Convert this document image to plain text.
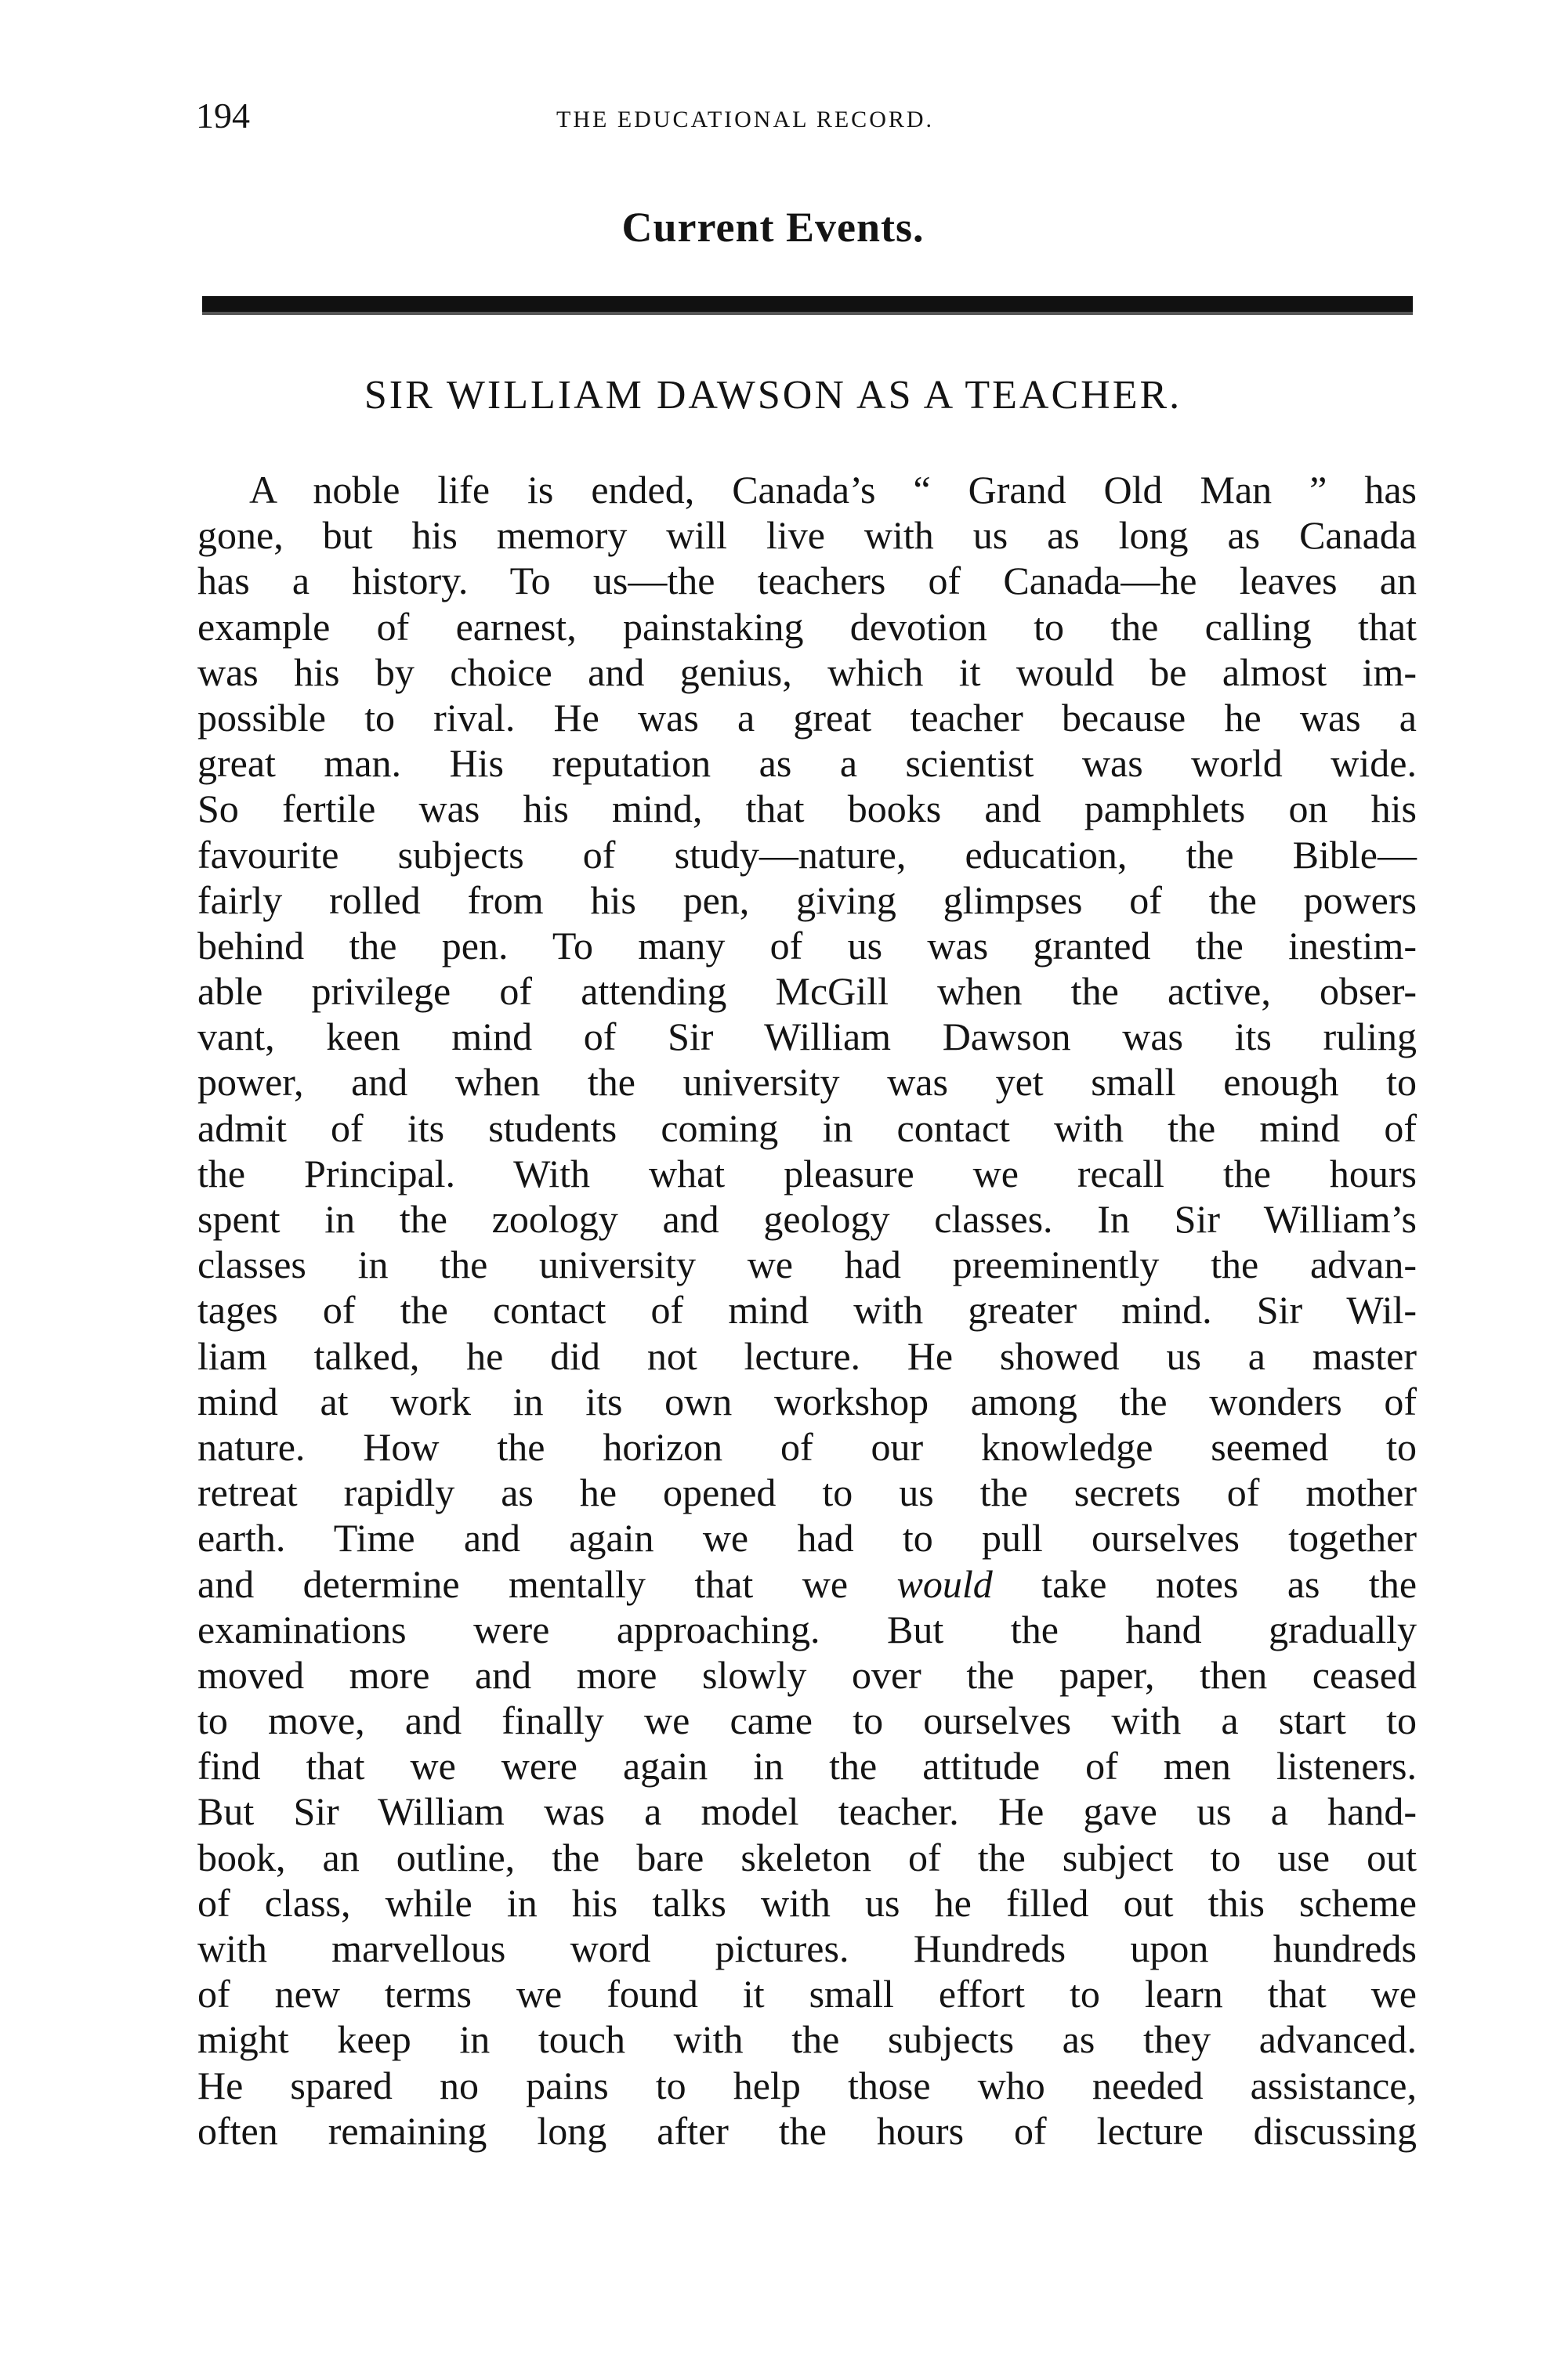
194	THE EDUCATIONAL RECORD.
Current Events.
SIR WILLIAM DAWSON AS A TEACHER.
A noble life is ended, Canada’s “ Grand Old Man ” has
gone, but his memory will live with us as long as Canada
has a history. To us—the teachers of Canada—he leaves an
example of earnest, painstaking devotion to the calling that
was his by choice and genius, which it would be almost im-
possible to rival. He was a great teacher because he was a
great man. His reputation as a scientist was world wide.
So fertile was his mind, that books and pamphlets on his
favourite subjects of study—nature, education, the Bible—
fairly rolled from his pen, giving glimpses of the powers
behind the pen. To many of us was granted the inestim-
able privilege of attending McGill when the active, obser-
vant, keen mind of Sir William Dawson was its ruling
power, and when the university was yet small enough to
admit of its students coming in contact with the mind of
the Principal. With what pleasure we recall the hours
spent in the zoology and geology classes. In Sir William’s
classes in the university we had preeminently the advan-
tages of the contact of mind with greater mind. Sir Wil-
liam talked, he did not lecture. He showed us a master
mind at work in its own workshop among the wonders of
nature. How the horizon of our knowledge seemed to
retreat rapidly as he opened to us the secrets of mother
earth. Time and again we had to pull ourselves together
and determine mentally that we would take notes as the
examinations were approaching. But the hand gradually
moved more and more slowly over the paper, then ceased
to move, and finally we came to ourselves with a start to
find that we were again in the attitude of men listeners.
But Sir William was a model teacher. He gave us a hand-
book, an outline, the bare skeleton of the subject to use out
of class, while in his talks with us he filled out this scheme
with marvellous word pictures. Hundreds upon hundreds
of new terms we found it small effort to learn that we
might keep in touch with the subjects as they advanced.
He spared no pains to help those who needed assistance,
often remaining long after the hours of lecture discussing
